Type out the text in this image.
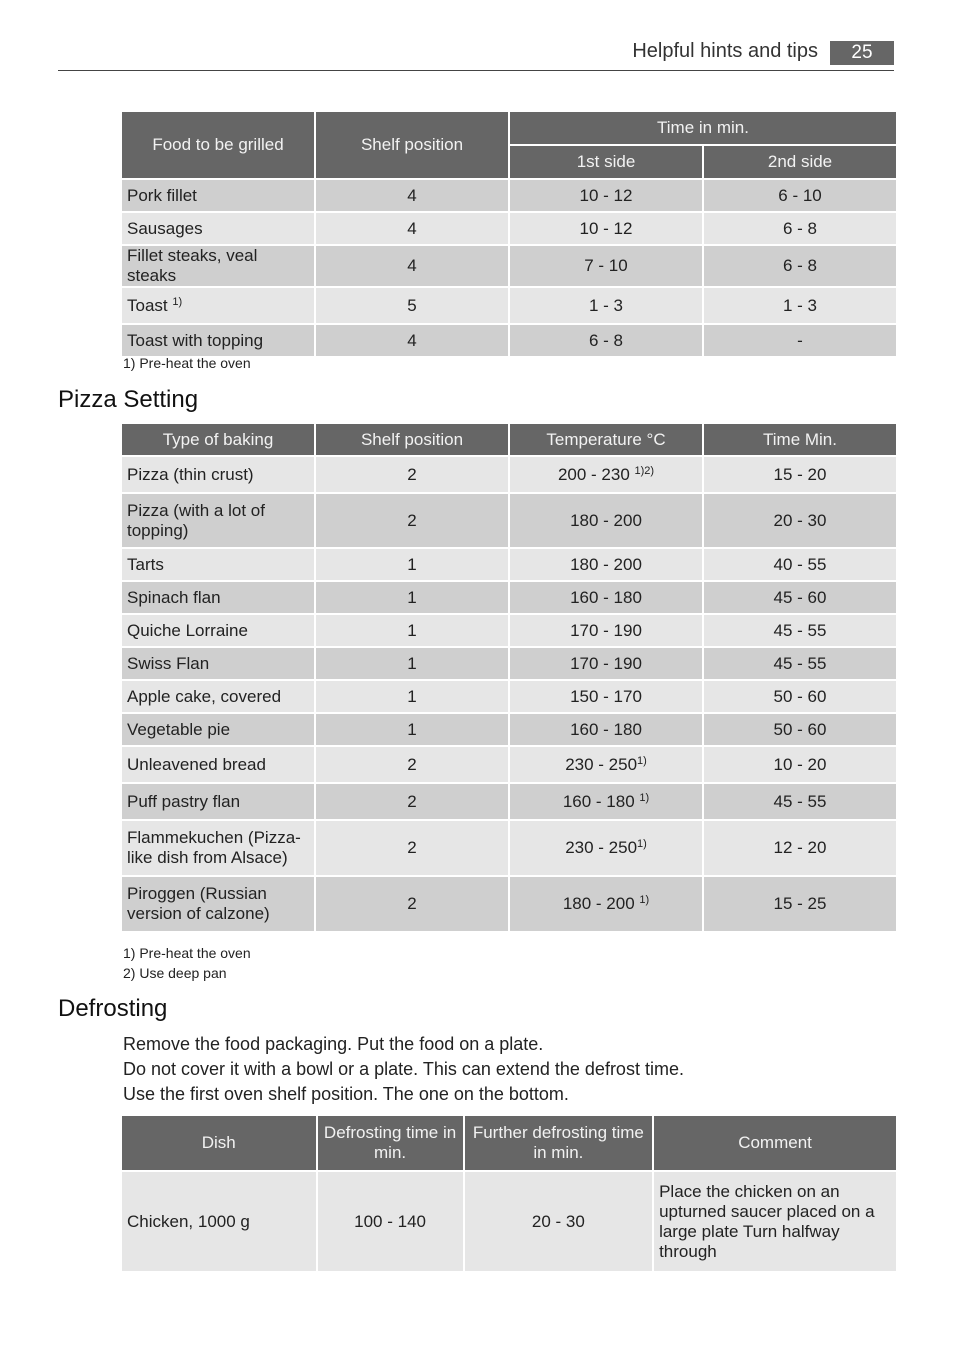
Helpful hints and tips	25
Food to be grilled	Shelf position	Time in min.	
		1st side	2nd side
Pork fillet	4	10 - 12	6 - 10
Sausages	4	10 - 12	6 - 8
Fillet steaks, veal steaks	4	7 - 10	6 - 8
Toast $^{1)}$	5	1 - 3	1 - 3
Toast with topping	4	6 - 8	-
1) Pre-heat the oven
Pizza Setting
Type of baking	Shelf position	Temperature °C	Time Min.
Pizza (thin crust)	2	200 - 230 $^{1)2)}$	15 - 20
Pizza (with a lot of topping)	2	180 - 200	20 - 30
Tarts	1	180 - 200	40 - 55
Spinach flan	1	160 - 180	45 - 60
Quiche Lorraine	1	170 - 190	45 - 55
Swiss Flan	1	170 - 190	45 - 55
Apple cake, covered	1	150 - 170	50 - 60
Vegetable pie	1	160 - 180	50 - 60
Unleavened bread	2	230 - 250$^{1)}$	10 - 20
Puff pastry flan	2	160 - 180 $^{1)}$	45 - 55
Flammekuchen (Pizza-like dish from Alsace)	2	230 - 250$^{1)}$	12 - 20
Piroggen (Russian version of calzone)	2	180 - 200 $^{1)}$	15 - 25
1) Pre-heat the oven
2) Use deep pan
Defrosting
Remove the food packaging. Put the food on a plate.
Do not cover it with a bowl or a plate. This can extend the defrost time.
Use the first oven shelf position. The one on the bottom.
Dish	Defrosting time in min.	Further defrosting time in min.	Comment
Chicken, 1000 g	100 - 140	20 - 30	Place the chicken on an upturned saucer placed on a large plate Turn halfway through
